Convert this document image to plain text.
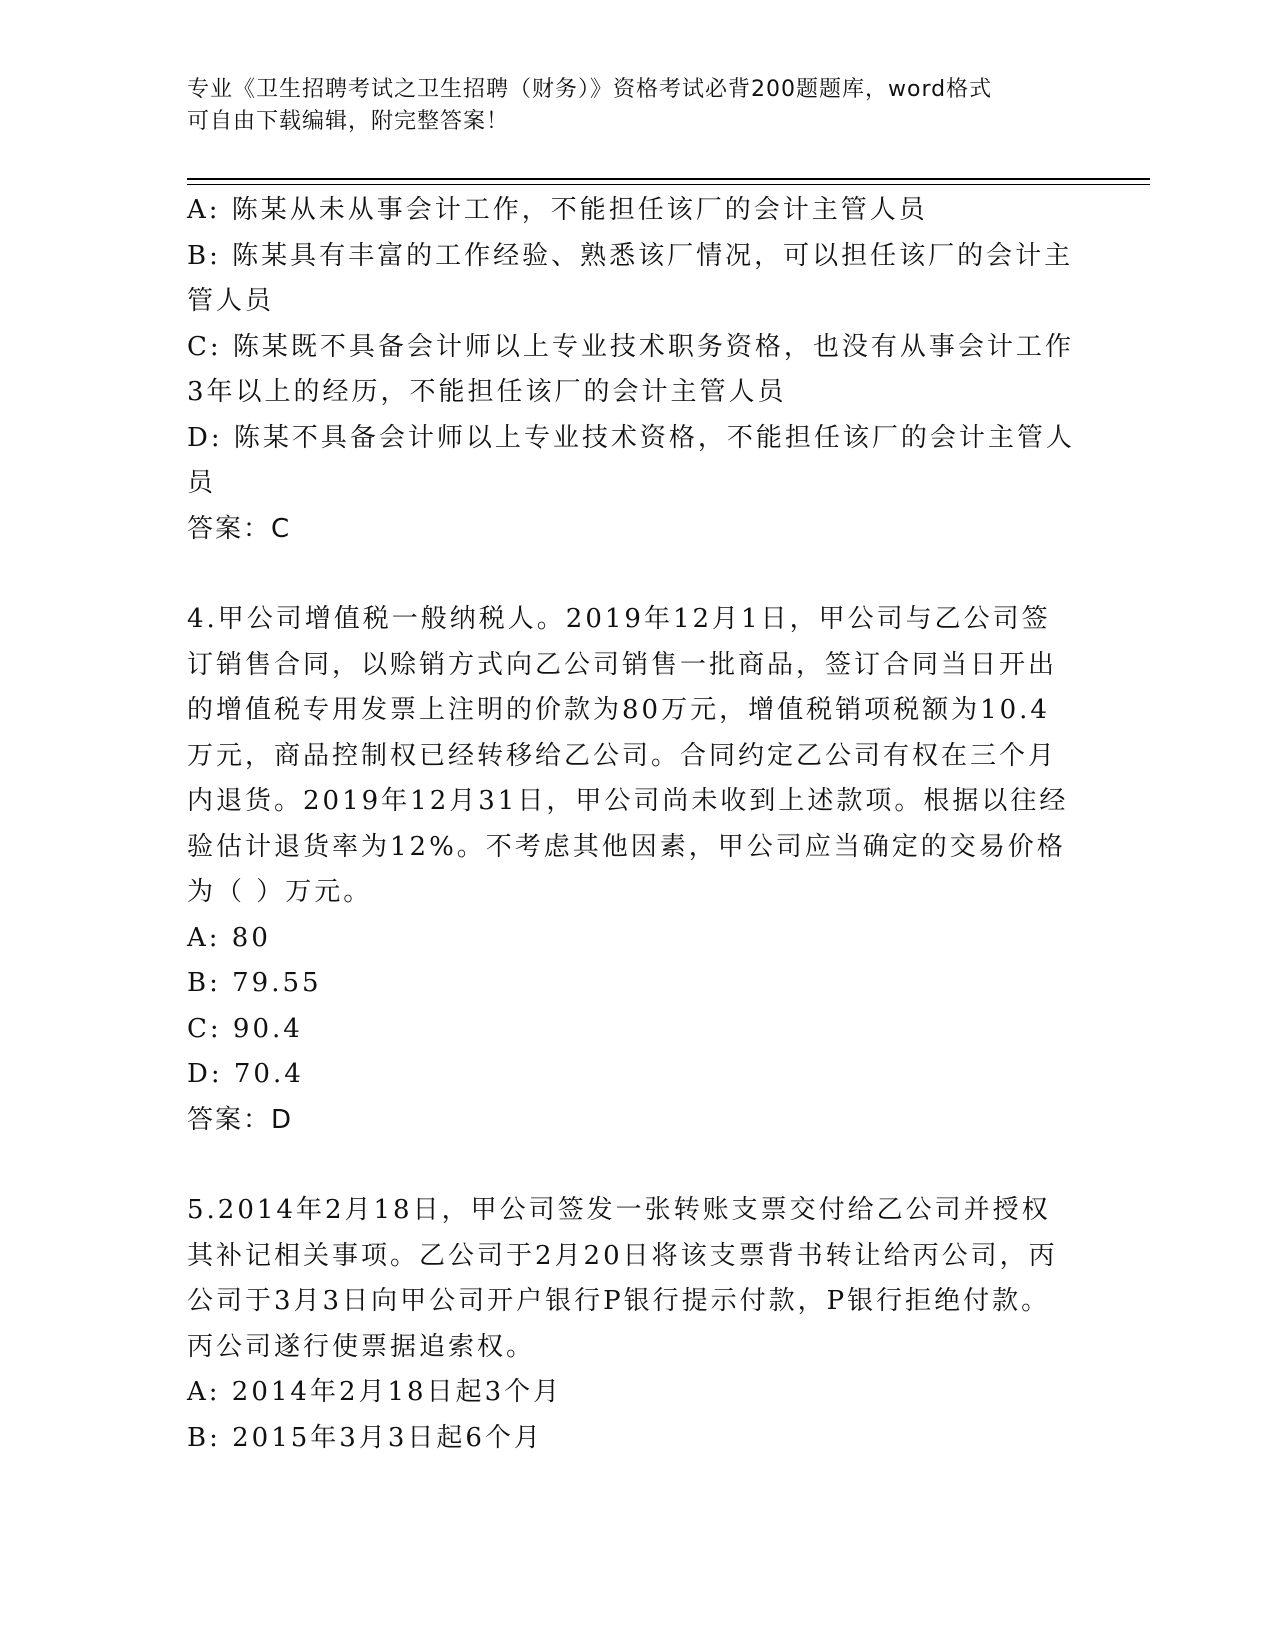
专业《卫生招聘考试之卫生招聘（财务）》资格考试必背200题题库，word格式
可自由下载编辑，附完整答案！

A: 陈某从未从事会计工作，不能担任该厂的会计主管人员

B: 陈某具有丰富的工作经验、熟悉该厂情况，可以担任该厂的会计主管人员

C: 陈某既不具备会计师以上专业技术职务资格，也没有从事会计工作3年以上的经历，不能担任该厂的会计主管人员

D: 陈某不具备会计师以上专业技术资格，不能担任该厂的会计主管人员

答案：C

4.甲公司增值税一般纳税人。2019年12月1日，甲公司与乙公司签订销售合同，以赊销方式向乙公司销售一批商品，签订合同当日开出的增值税专用发票上注明的价款为80万元，增值税销项税额为10.4万元，商品控制权已经转移给乙公司。合同约定乙公司有权在三个月内退货。2019年12月31日，甲公司尚未收到上述款项。根据以往经验估计退货率为12%。不考虑其他因素，甲公司应当确定的交易价格为（ ）万元。

A: 80

B: 79.55

C: 90.4

D: 70.4

答案：D

5.2014年2月18日，甲公司签发一张转账支票交付给乙公司并授权其补记相关事项。乙公司于2月20日将该支票背书转让给丙公司，丙公司于3月3日向甲公司开户银行P银行提示付款，P银行拒绝付款。丙公司遂行使票据追索权。

A: 2014年2月18日起3个月

B: 2015年3月3日起6个月
